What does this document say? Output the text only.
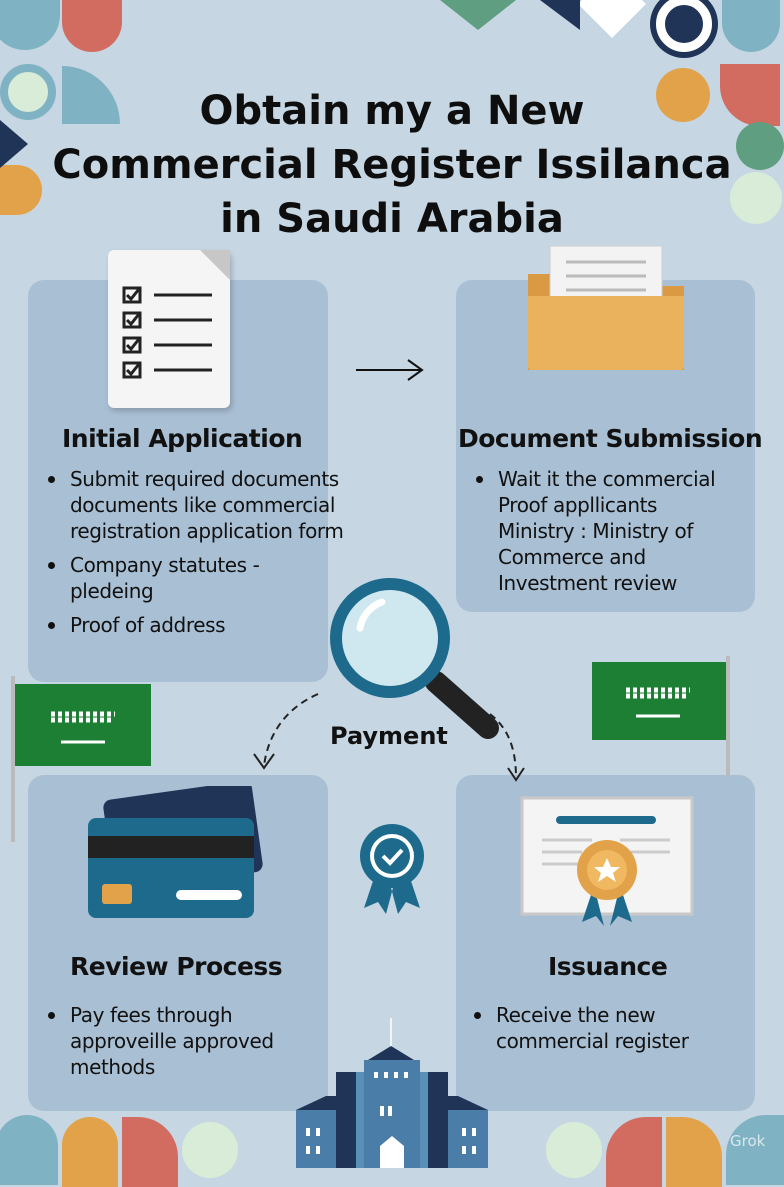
Obtain my a New
Commercial Register Issilanca
in Saudi Arabia
Initial Application
Submit required documents documents like commercial registration application form
Company statutes - pledeing
Proof of address
Document Submission
Wait it the commercial Proof appllicants Ministry : Ministry of Commerce and Investment review
Payment
Review Process
Pay fees through approveille approved methods
Issuance
Receive the new commercial register
Grok
